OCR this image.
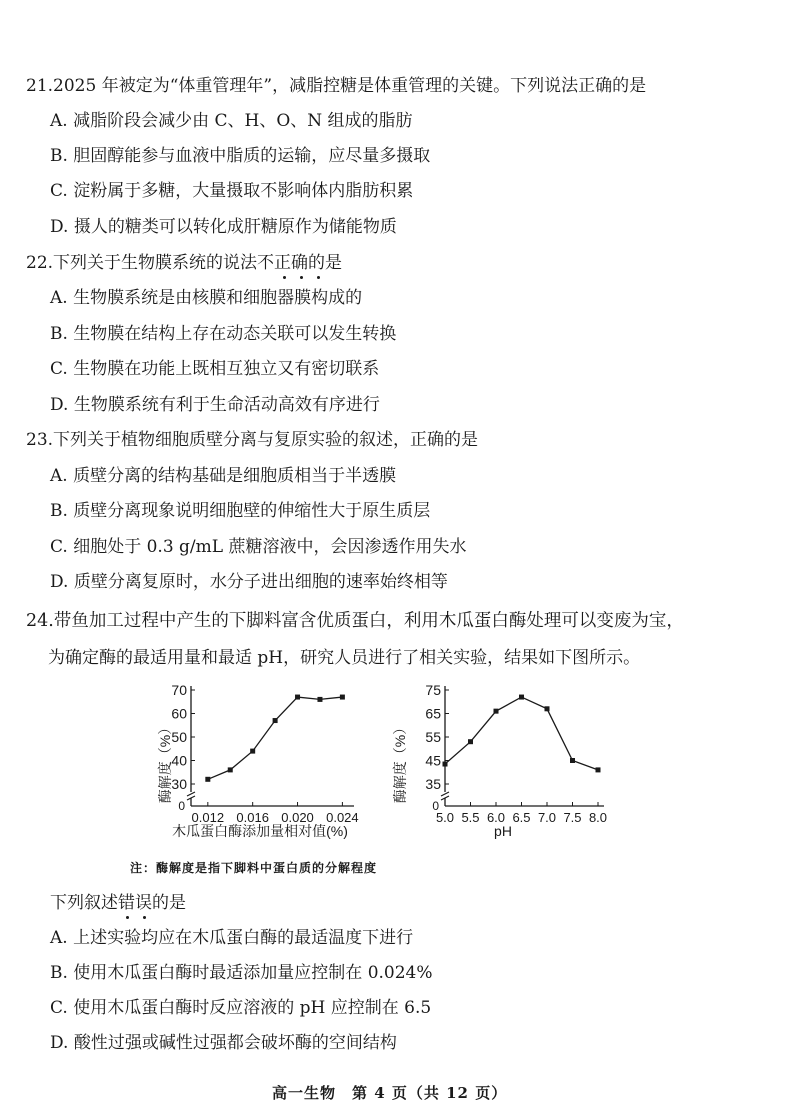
21.2025 年被定为“体重管理年”，减脂控糖是体重管理的关键。下列说法正确的是
A. 减脂阶段会减少由 C、H、O、N 组成的脂肪
B. 胆固醇能参与血液中脂质的运输，应尽量多摄取
C. 淀粉属于多糖，大量摄取不影响体内脂肪积累
D. 摄人的糖类可以转化成肝糖原作为储能物质
22.下列关于生物膜系统的说法不正确的是
A. 生物膜系统是由核膜和细胞器膜构成的
B. 生物膜在结构上存在动态关联可以发生转换
C. 生物膜在功能上既相互独立又有密切联系
D. 生物膜系统有利于生命活动高效有序进行
23.下列关于植物细胞质壁分离与复原实验的叙述，正确的是
A. 质壁分离的结构基础是细胞质相当于半透膜
B. 质壁分离现象说明细胞壁的伸缩性大于原生质层
C. 细胞处于 0.3 g/mL 蔗糖溶液中，会因渗透作用失水
D. 质壁分离复原时，水分子进出细胞的速率始终相等
24.带鱼加工过程中产生的下脚料富含优质蛋白，利用木瓜蛋白酶处理可以变废为宝，
为确定酶的最适用量和最适 pH，研究人员进行了相关实验，结果如下图所示。
0
30
40
50
60
70
0.012 0.016 0.020 0.024
酶解度（%）
木瓜蛋白酶添加量相对值(%)
0
35
45
55
65
75
5.0 5.5 6.0 6.5 7.0 7.5 8.0
酶解度（%）
pH
注：酶解度是指下脚料中蛋白质的分解程度
下列叙述错误的是
A. 上述实验均应在木瓜蛋白酶的最适温度下进行
B. 使用木瓜蛋白酶时最适添加量应控制在 0.024%
C. 使用木瓜蛋白酶时反应溶液的 pH 应控制在 6.5
D. 酸性过强或碱性过强都会破坏酶的空间结构
高一生物　第 4 页（共 12 页）
